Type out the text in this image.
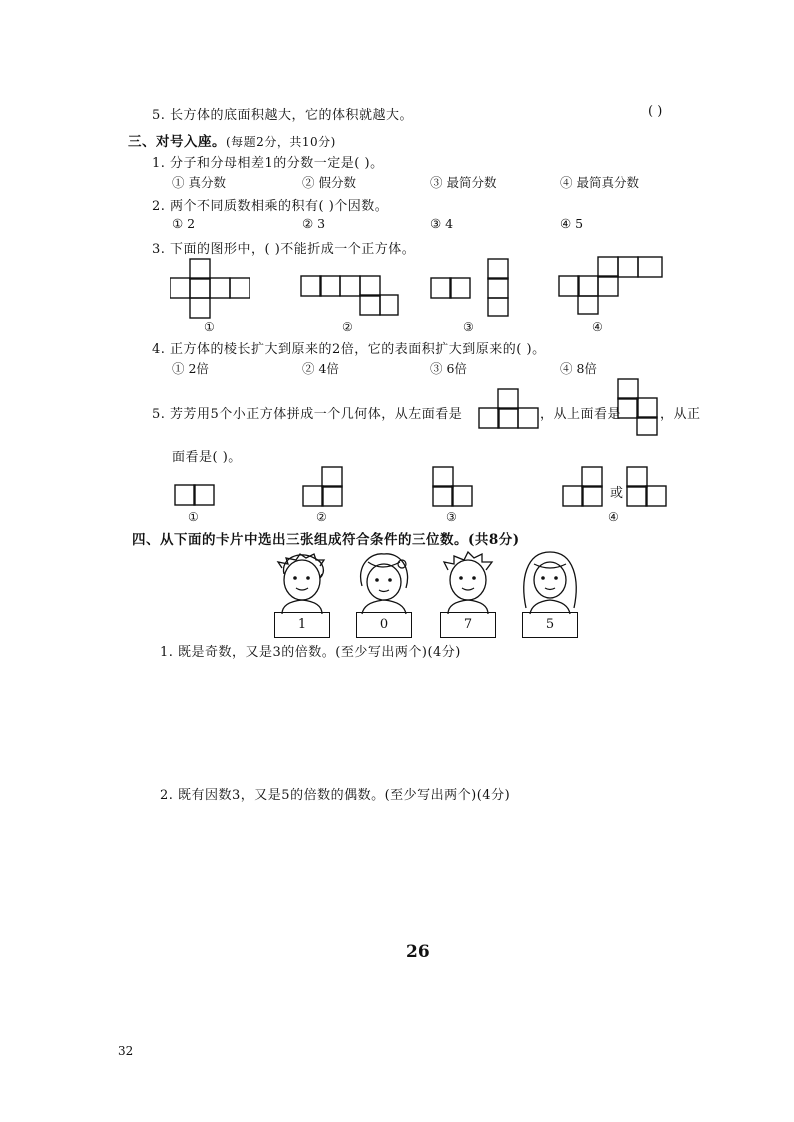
5. 长方体的底面积越大，它的体积就越大。	( )
三、对号入座。(每题2分，共10分)
1. 分子和分母相差1的分数一定是( )。
① 真分数	② 假分数	③ 最简分数	④ 最简真分数
2. 两个不同质数相乘的积有( )个因数。
① 2	② 3	③ 4	④ 5
3. 下面的图形中，( )不能折成一个正方体。
①	②	③	④
4. 正方体的棱长扩大到原来的2倍，它的表面积扩大到原来的( )。
① 2倍	② 4倍	③ 6倍	④ 8倍
5. 芳芳用5个小正方体拼成一个几何体，从左面看是	，从上面看是	，从正
面看是( )。
①	②	③
或
④
四、从下面的卡片中选出三张组成符合条件的三位数。(共8分)
1	0	7	5
1. 既是奇数，又是3的倍数。(至少写出两个)(4分)
2. 既有因数3，又是5的倍数的偶数。(至少写出两个)(4分)
26
32
